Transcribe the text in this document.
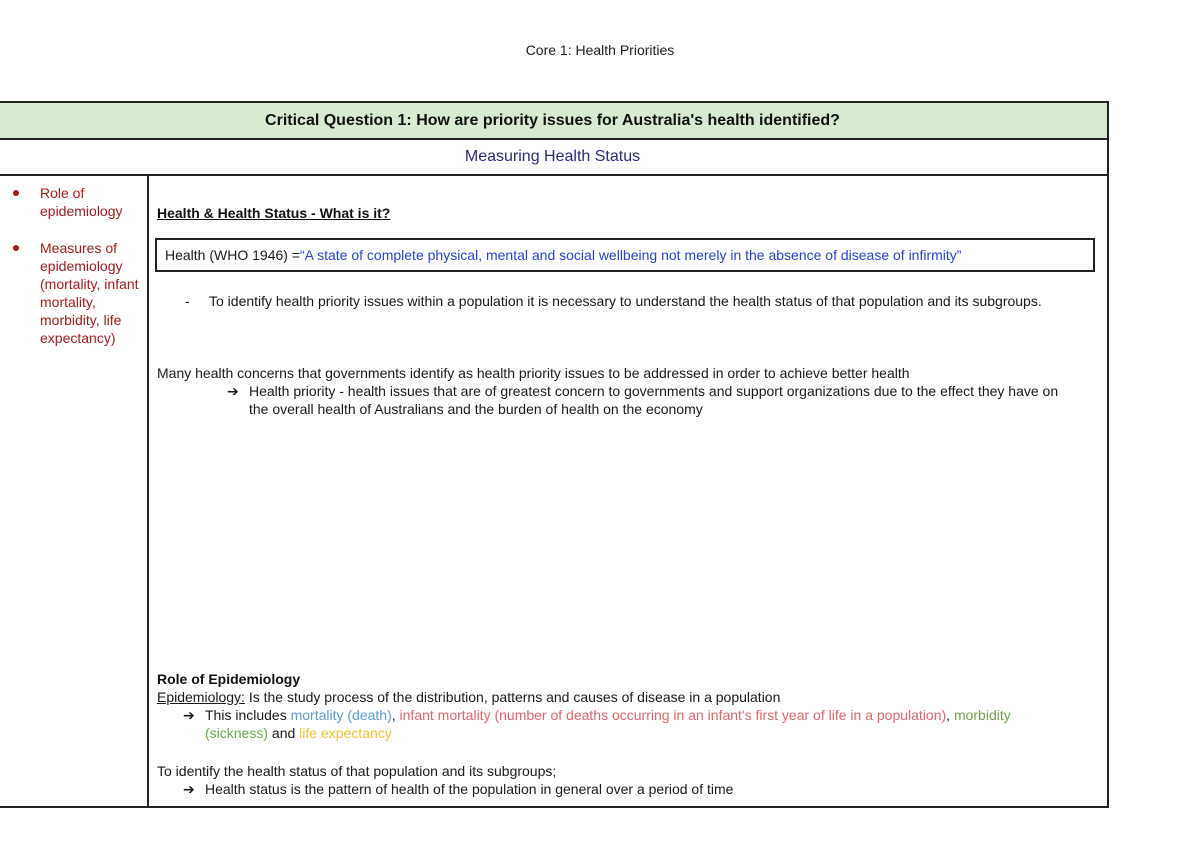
Core 1: Health Priorities
Critical Question 1: How are priority issues for Australia's health identified?
Measuring Health Status
Role of epidemiology
Measures of epidemiology (mortality, infant mortality, morbidity, life expectancy)
Health & Health Status - What is it?
Health (WHO 1946) = “A state of complete physical, mental and social wellbeing not merely in the absence of disease of infirmity”
-	To identify health priority issues within a population it is necessary to understand the health status of that population and its subgroups.
Many health concerns that governments identify as health priority issues to be addressed in order to achieve better health
➔ Health priority - health issues that are of greatest concern to governments and support organizations due to the effect they have on the overall health of Australians and the burden of health on the economy
Role of Epidemiology
Epidemiology: Is the study process of the distribution, patterns and causes of disease in a population
➔ This includes mortality (death), infant mortality (number of deaths occurring in an infant's first year of life in a population), morbidity (sickness) and life expectancy
To identify the health status of that population and its subgroups;
➔ Health status is the pattern of health of the population in general over a period of time
